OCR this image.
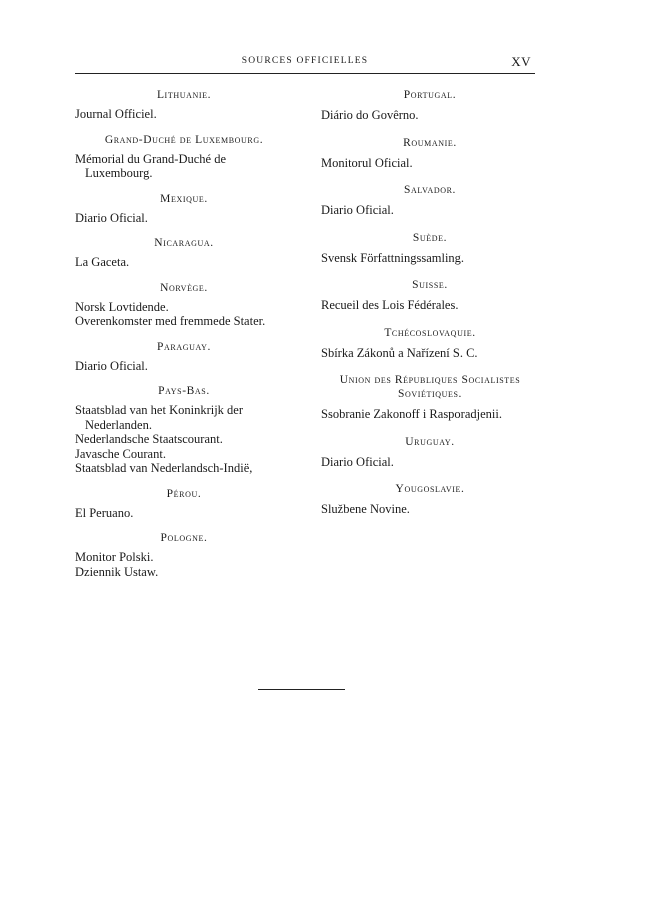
SOURCES OFFICIELLES	XV
Lithuanie.
Journal Officiel.
Grand-Duché de Luxembourg.
Mémorial du Grand-Duché de Luxembourg.
Mexique.
Diario Oficial.
Nicaragua.
La Gaceta.
Norvège.
Norsk Lovtidende.
Overenkomster med fremmede Stater.
Paraguay.
Diario Oficial.
Pays-Bas.
Staatsblad van het Koninkrijk der Nederlanden.
Nederlandsche Staatscourant.
Javasche Courant.
Staatsblad van Nederlandsch-Indië,
Pérou.
El Peruano.
Pologne.
Monitor Polski.
Dziennik Ustaw.
Portugal.
Diário do Govêrno.
Roumanie.
Monitorul Oficial.
Salvador.
Diario Oficial.
Suède.
Svensk Författningssamling.
Suisse.
Recueil des Lois Fédérales.
Tchécoslovaquie.
Sbírka Zákonů a Nařízení S. C.
Union des Républiques Socialistes Soviétiques.
Ssobranie Zakonoff i Rasporadjenii.
Uruguay.
Diario Oficial.
Yougoslavie.
Službene Novine.
